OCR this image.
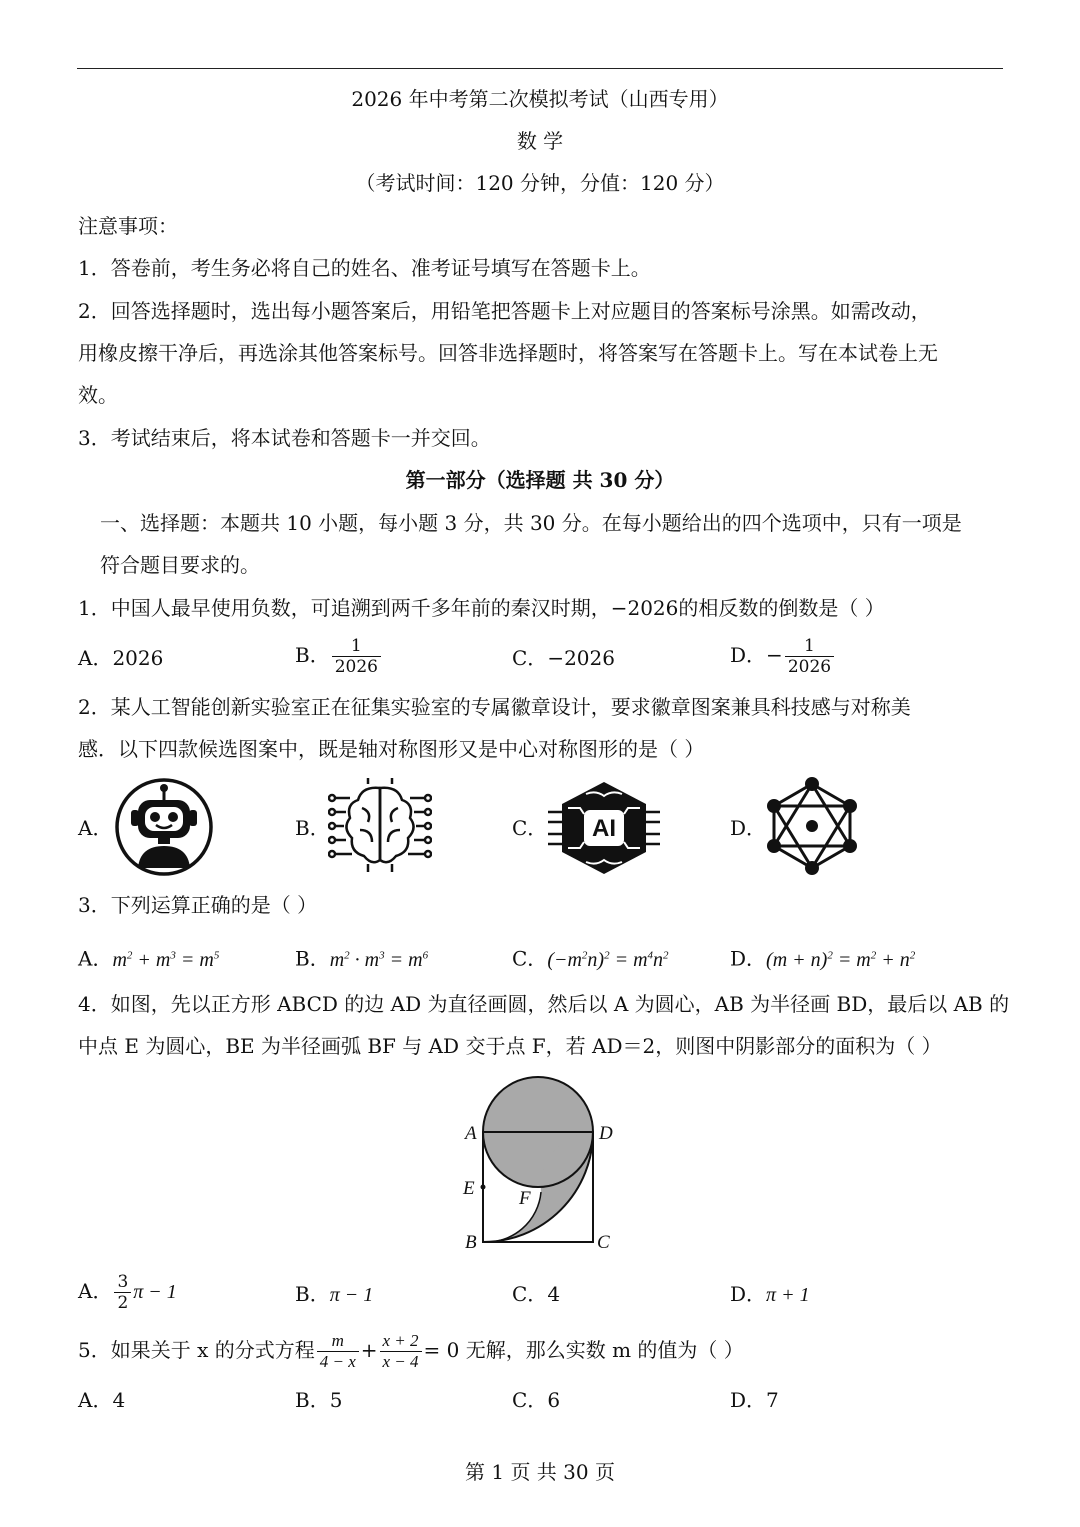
2026 年中考第二次模拟考试（山西专用）
数 学
（考试时间：120 分钟，分值：120 分）
注意事项：
1．答卷前，考生务必将自己的姓名、准考证号填写在答题卡上。
2．回答选择题时，选出每小题答案后，用铅笔把答题卡上对应题目的答案标号涂黑。如需改动，
用橡皮擦干净后，再选涂其他答案标号。回答非选择题时，将答案写在答题卡上。写在本试卷上无
效。
3．考试结束后，将本试卷和答题卡一并交回。
第一部分（选择题 共 30 分）
一、选择题：本题共 10 小题，每小题 3 分，共 30 分。在每小题给出的四个选项中，只有一项是
符合题目要求的。
1．中国人最早使用负数，可追溯到两千多年前的秦汉时期，−2026的相反数的倒数是（ ）
A．2026	B． $\frac{1}{2026}$	C．−2026	D．− $\frac{1}{2026}$
2．某人工智能创新实验室正在征集实验室的专属徽章设计，要求徽章图案兼具科技感与对称美
感．以下四款候选图案中，既是轴对称图形又是中心对称图形的是（ ）
A．	B．	C． AI	D．
3．下列运算正确的是（ ）
A．$m^2 + m^3 = m^5$	B．$m^2 \cdot m^3 = m^6$	C．$(-m^2n)^2 = m^4n^2$	D．$(m + n)^2 = m^2 + n^2$
4．如图，先以正方形 ABCD 的边 AD 为直径画圆，然后以 A 为圆心，AB 为半径画 BD，最后以 AB 的
中点 E 为圆心，BE 为半径画弧 BF 与 AD 交于点 F，若 AD＝2，则图中阴影部分的面积为（ ）
A	D
E F
B	C
A． $\frac{3}{2}$ π − 1	B．π − 1	C．4	D．π + 1
5．如果关于 x 的分式方程 $\frac{m}{4 - x} + \frac{x + 2}{x - 4} = 0$ 无解，那么实数 m 的值为（ ）
A．4	B．5	C．6	D．7
第 1 页 共 30 页
